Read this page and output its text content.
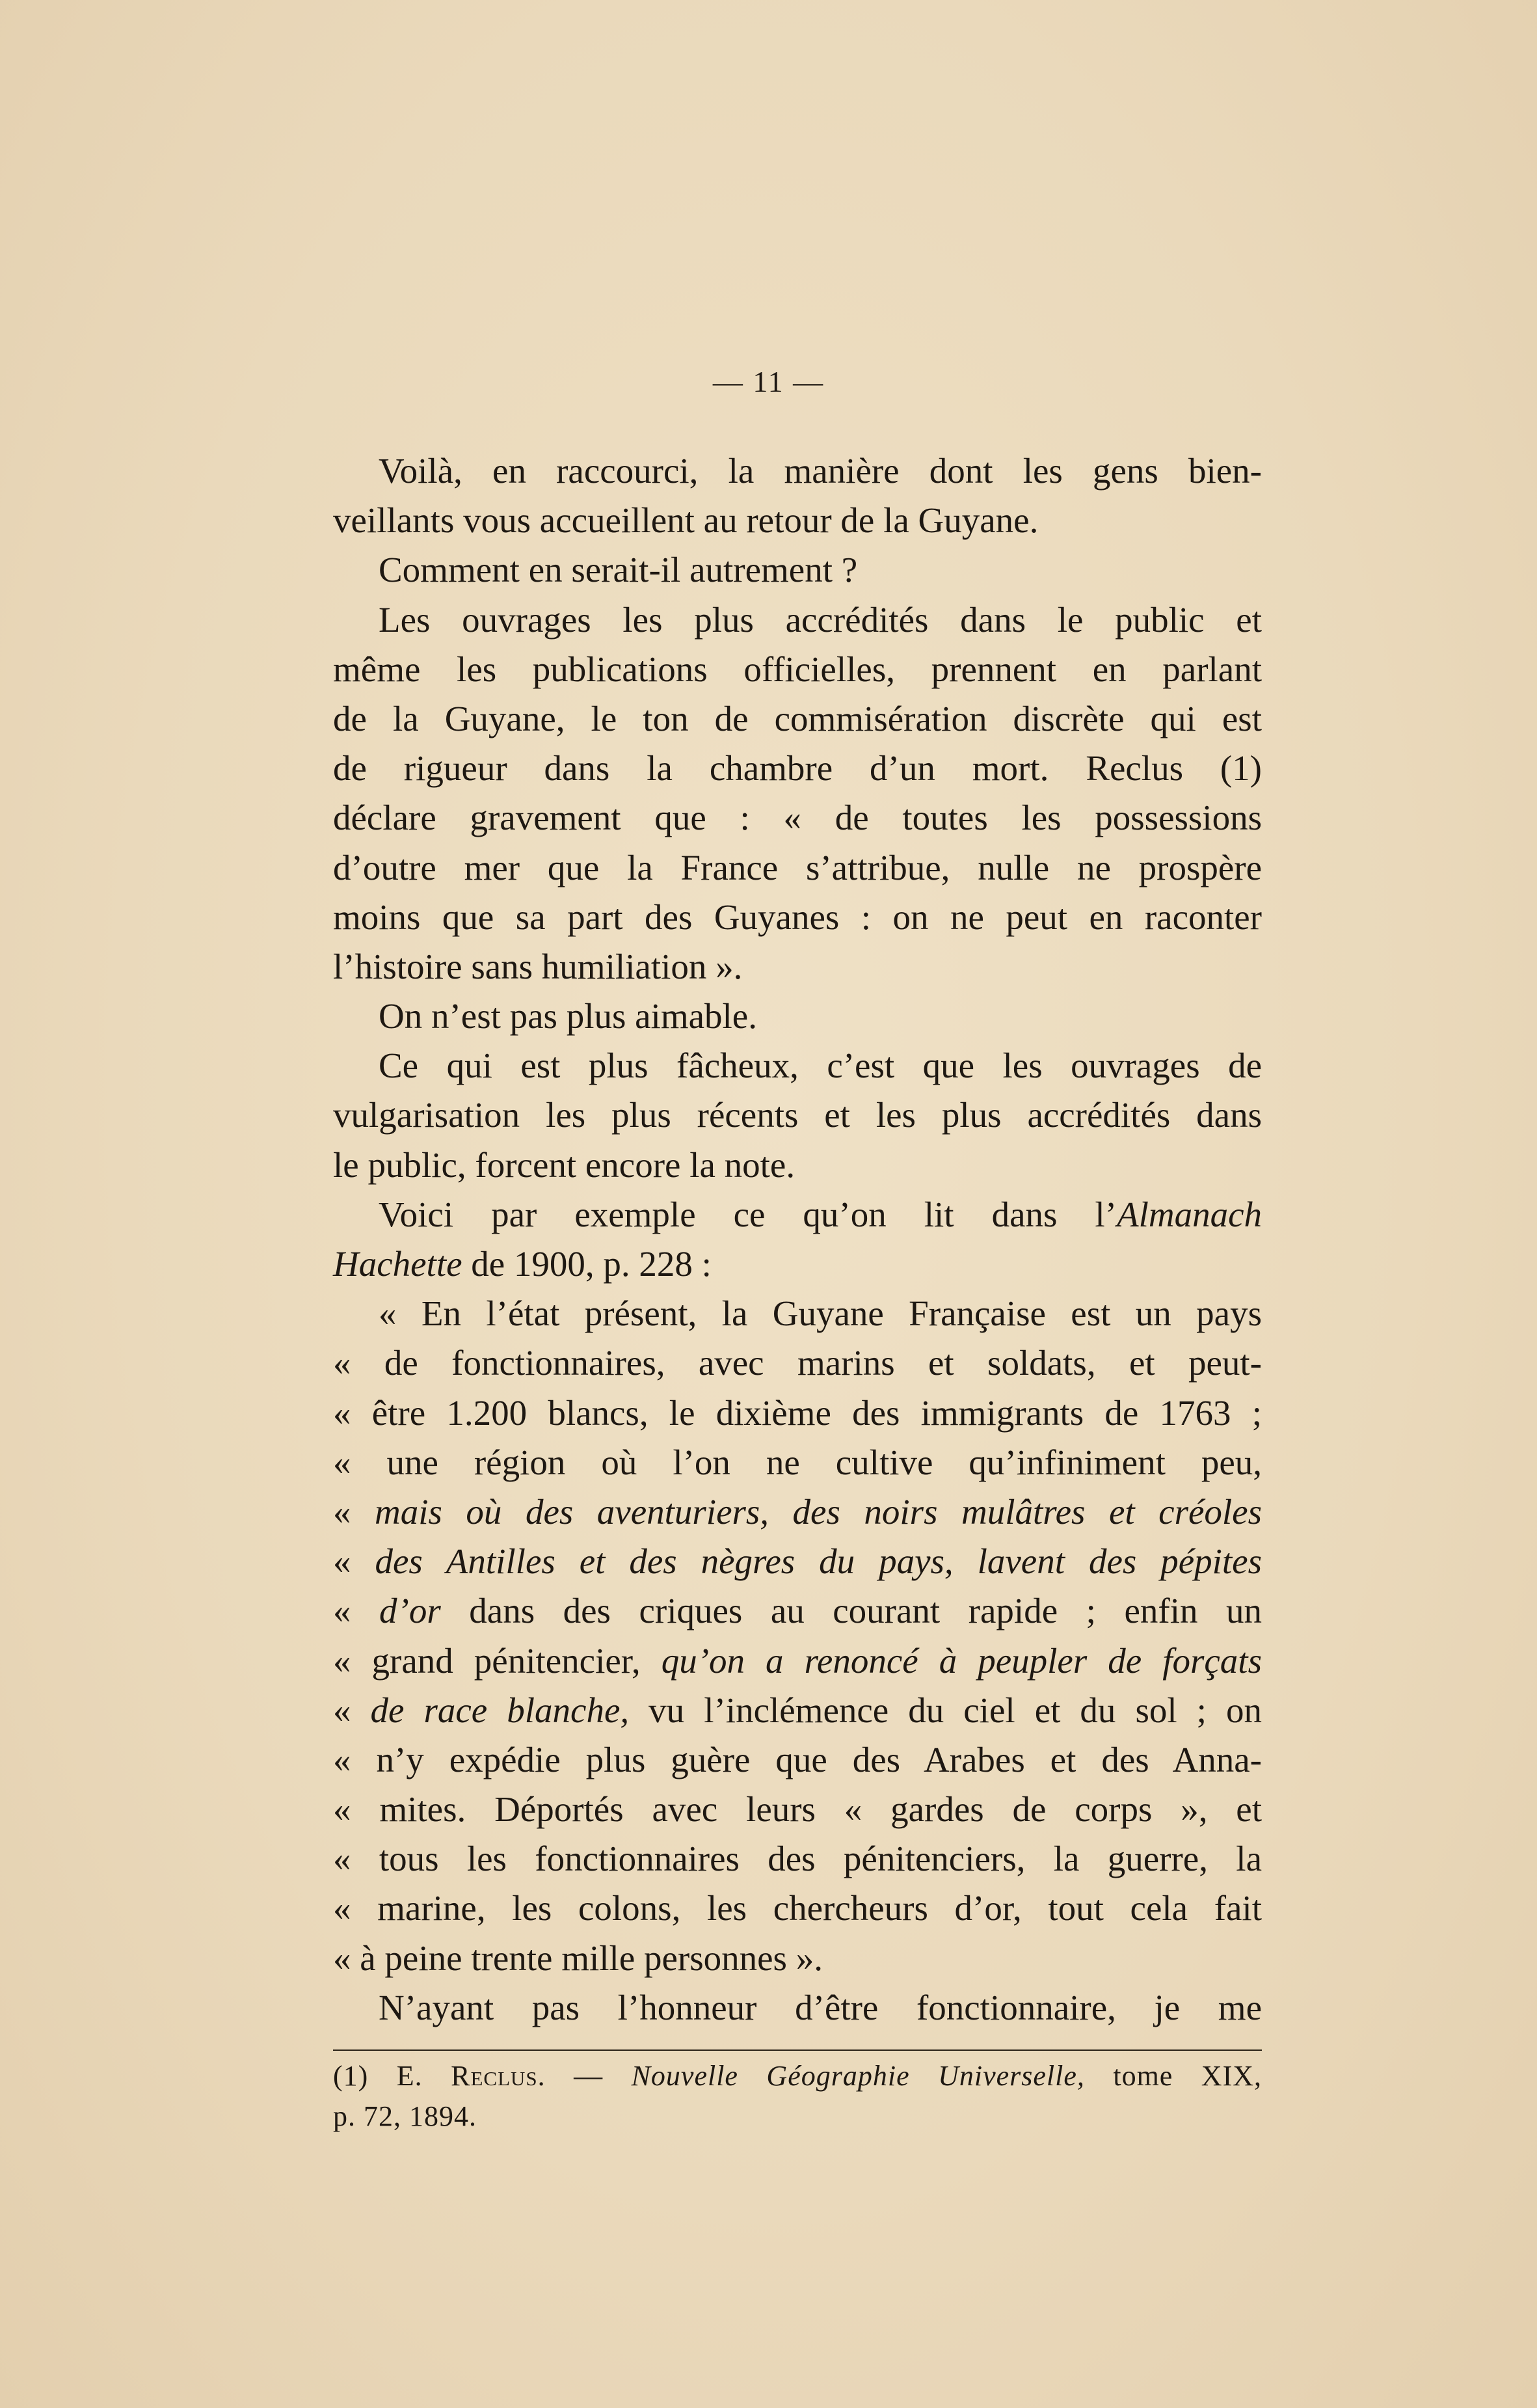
— 11 —
Voilà, en raccourci, la manière dont les gens bien-
veillants vous accueillent au retour de la Guyane.
Comment en serait-il autrement ?
Les ouvrages les plus accrédités dans le public et
même les publications officielles, prennent en parlant
de la Guyane, le ton de commisération discrète qui est
de rigueur dans la chambre d’un mort. Reclus (1)
déclare gravement que : « de toutes les possessions
d’outre mer que la France s’attribue, nulle ne prospère
moins que sa part des Guyanes : on ne peut en raconter
l’histoire sans humiliation ».
On n’est pas plus aimable.
Ce qui est plus fâcheux, c’est que les ouvrages de
vulgarisation les plus récents et les plus accrédités dans
le public, forcent encore la note.
Voici par exemple ce qu’on lit dans l’Almanach
Hachette de 1900, p. 228 :
« En l’état présent, la Guyane Française est un pays
« de fonctionnaires, avec marins et soldats, et peut-
« être 1.200 blancs, le dixième des immigrants de 1763 ;
« une région où l’on ne cultive qu’infiniment peu,
« mais où des aventuriers, des noirs mulâtres et créoles
« des Antilles et des nègres du pays, lavent des pépites
« d’or dans des criques au courant rapide ; enfin un
« grand pénitencier, qu’on a renoncé à peupler de forçats
« de race blanche, vu l’inclémence du ciel et du sol ; on
« n’y expédie plus guère que des Arabes et des Anna-
« mites. Déportés avec leurs « gardes de corps », et
« tous les fonctionnaires des pénitenciers, la guerre, la
« marine, les colons, les chercheurs d’or, tout cela fait
« à peine trente mille personnes ».
N’ayant pas l’honneur d’être fonctionnaire, je me
(1) E. Reclus. — Nouvelle Géographie Universelle, tome XIX,
p. 72, 1894.
